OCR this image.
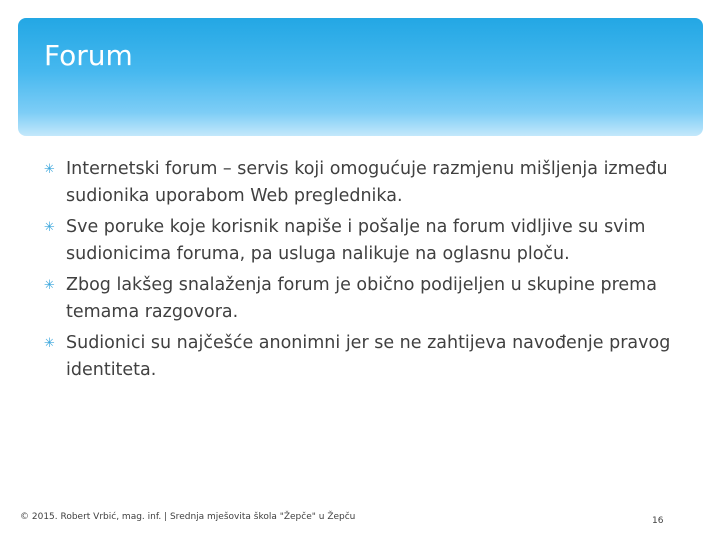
Forum
✳ Internetski forum – servis koji omogućuje razmjenu mišljenja između sudionika uporabom Web preglednika.
✳ Sve poruke koje korisnik napiše i pošalje na forum vidljive su svim sudionicima foruma, pa usluga nalikuje na oglasnu ploču.
✳ Zbog lakšeg snalaženja forum je obično podijeljen u skupine prema temama razgovora.
✳ Sudionici su najčešće anonimni jer se ne zahtijeva navođenje pravog identiteta.
© 2015. Robert Vrbić, mag. inf. | Srednja mješovita škola "Žepče" u Žepču	16
